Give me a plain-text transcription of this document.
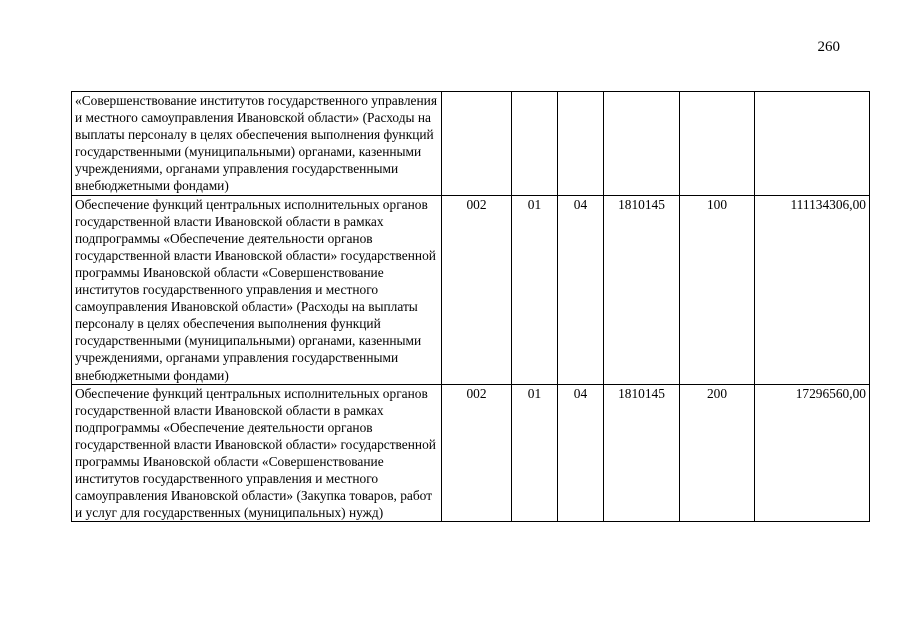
260
«Совершенствование институтов государственного управления и местного самоуправления Ивановской области» (Расходы на выплаты персоналу в целях обеспечения выполнения функций государственными (муниципальными) органами, казенными учреждениями, органами управления государственными внебюджетными фондами)						
Обеспечение функций центральных исполнительных органов государственной власти Ивановской области в рамках подпрограммы «Обеспечение деятельности органов государственной власти Ивановской области» государственной программы Ивановской области «Совершенствование институтов государственного управления и местного самоуправления Ивановской области» (Расходы на выплаты персоналу в целях обеспечения выполнения функций государственными (муниципальными) органами, казенными учреждениями, органами управления государственными внебюджетными фондами)	002	01	04	1810145	100	111134306,00
Обеспечение функций центральных исполнительных органов государственной власти Ивановской области в рамках подпрограммы «Обеспечение деятельности органов государственной власти Ивановской области» государственной программы Ивановской области «Совершенствование институтов государственного управления и местного самоуправления Ивановской области» (Закупка товаров, работ и услуг для государственных (муниципальных) нужд)	002	01	04	1810145	200	17296560,00
